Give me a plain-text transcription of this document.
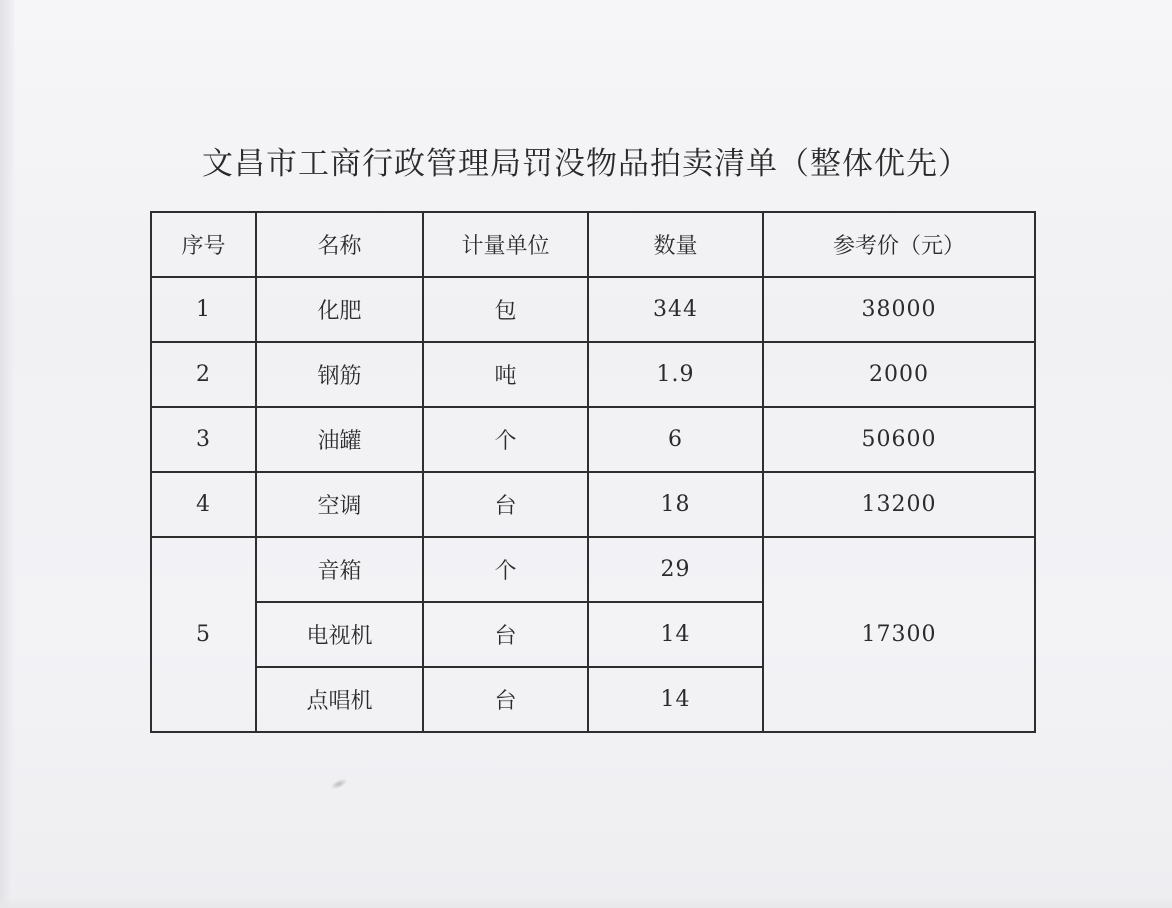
文昌市工商行政管理局罚没物品拍卖清单（整体优先）
序号	名称	计量单位	数量	参考价（元）
1	化肥	包	344	38000
2	钢筋	吨	1.9	2000
3	油罐	个	6	50600
4	空调	台	18	13200
5	音箱	个	29	17300
	电视机	台	14	
	点唱机	台	14	
